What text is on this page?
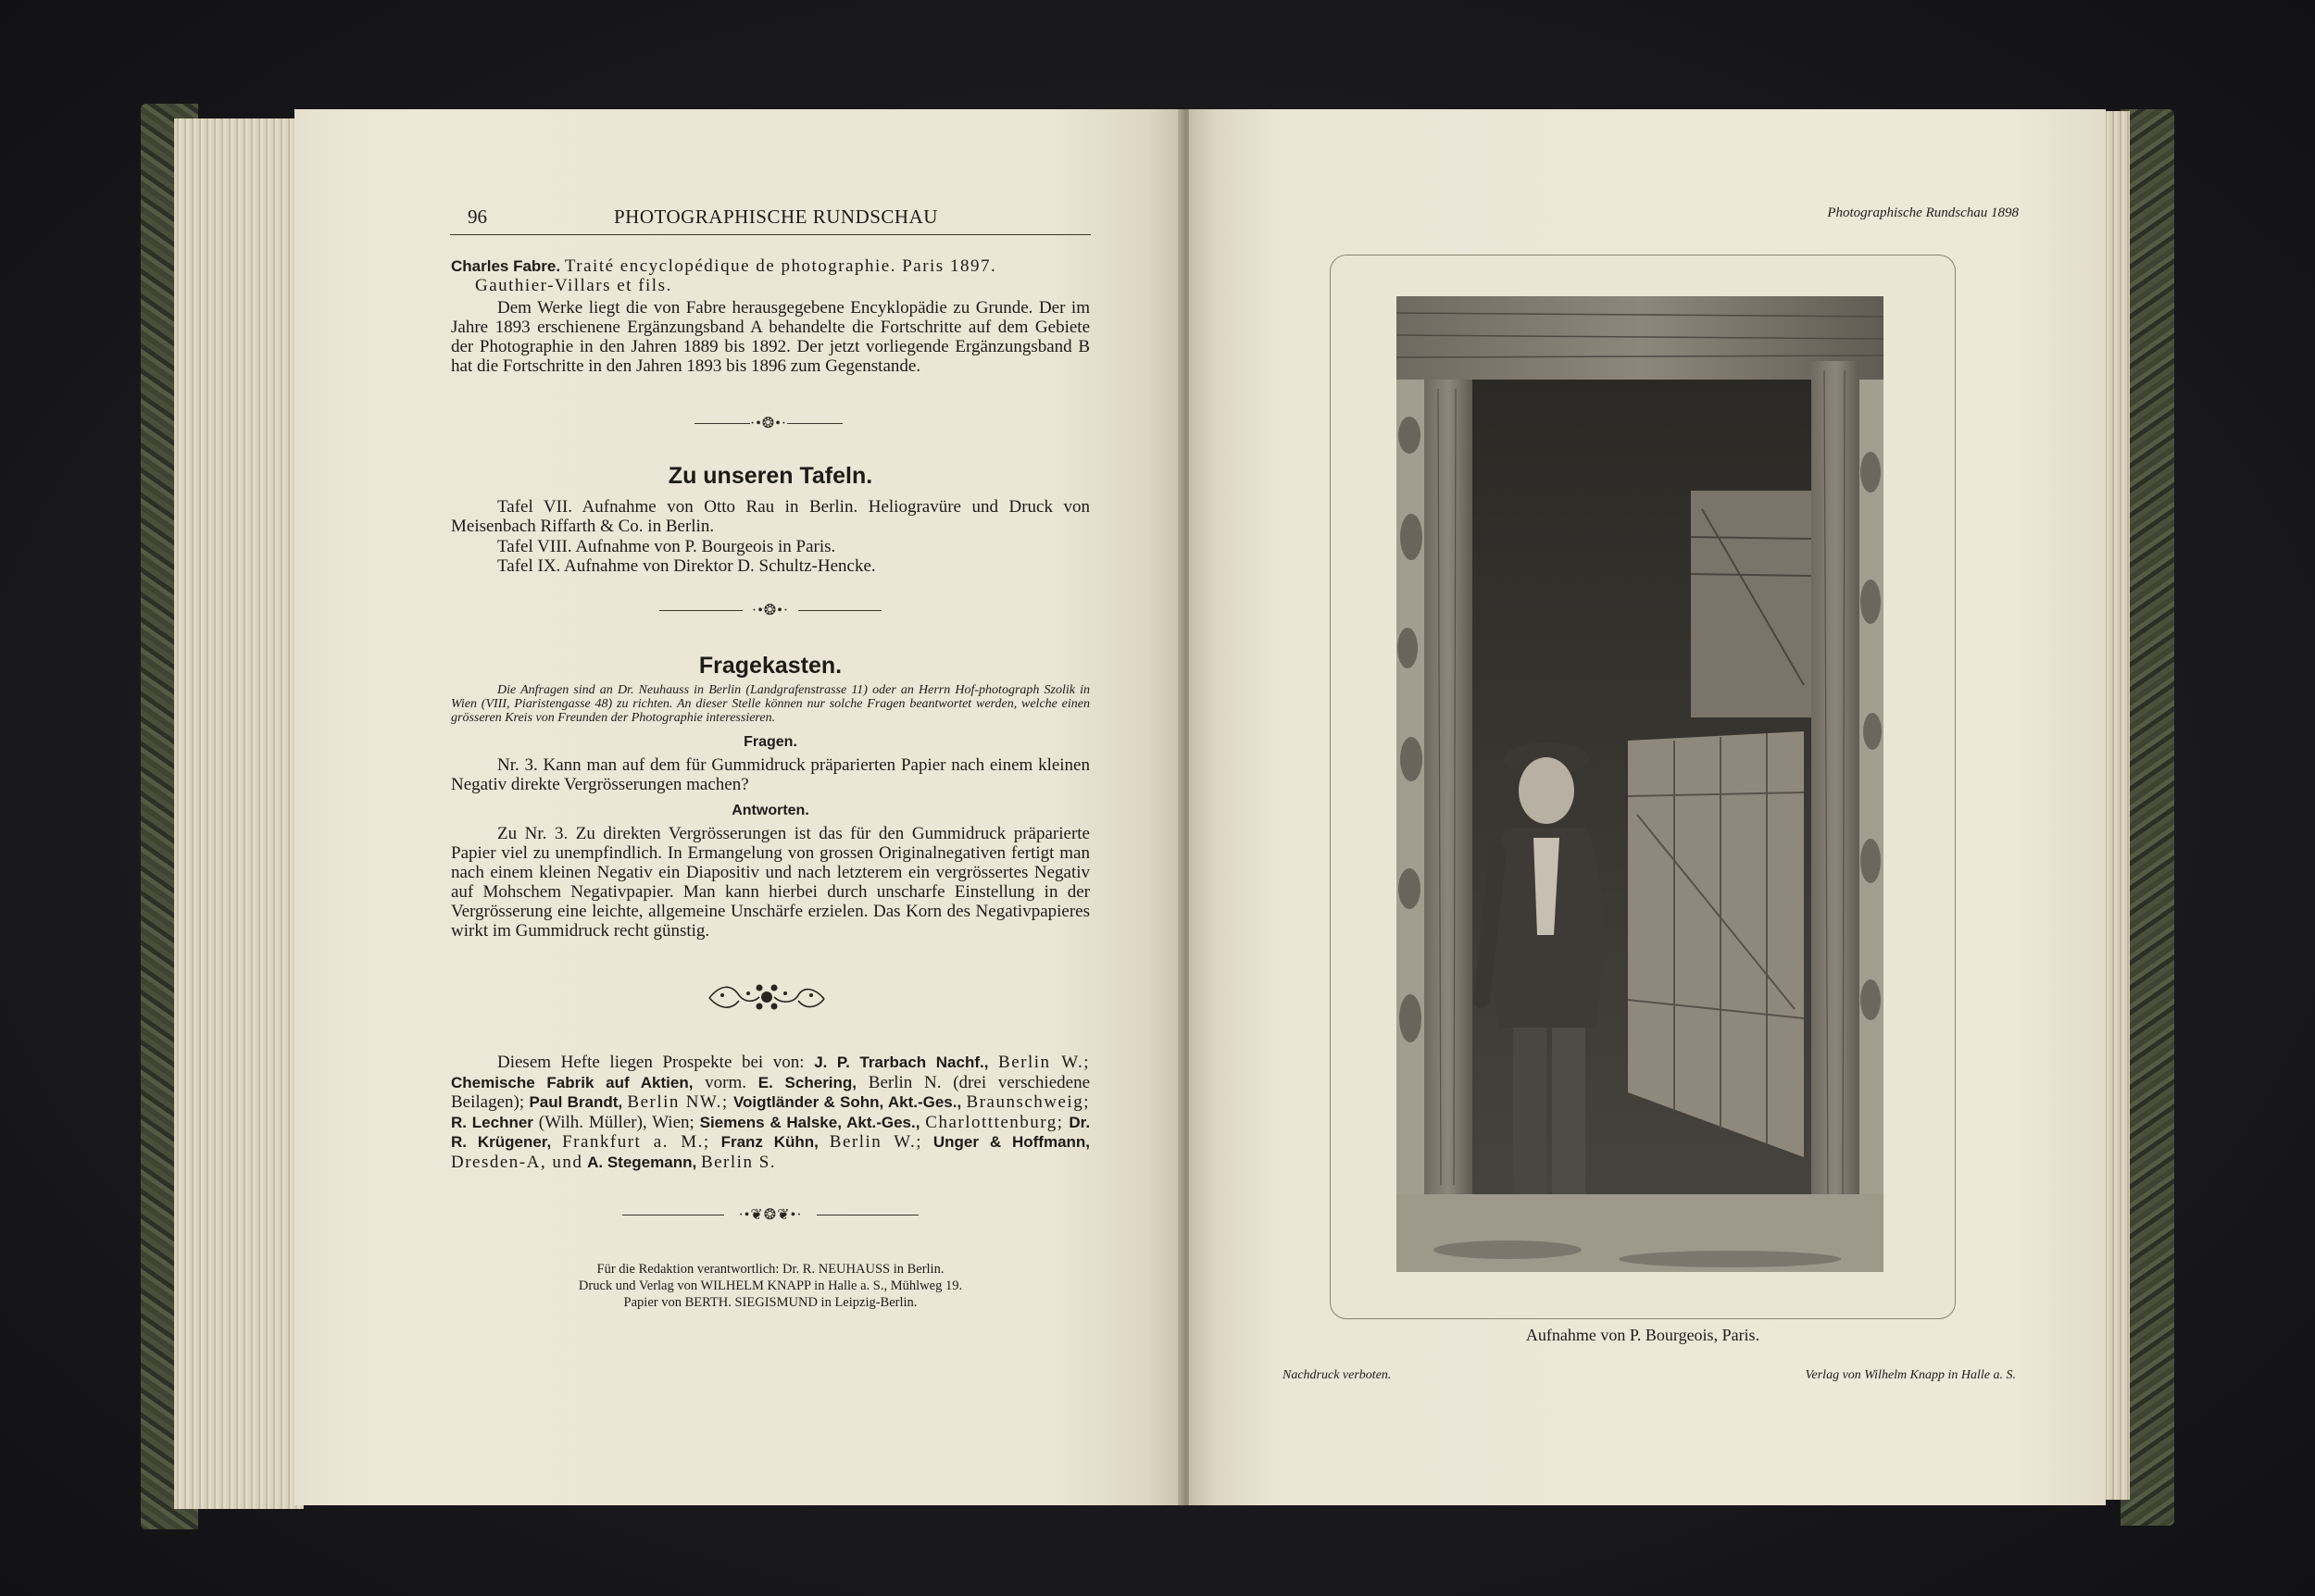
96	PHOTOGRAPHISCHE RUNDSCHAU
Charles Fabre. Traité encyclopédique de photographie. Paris 1897.
Gauthier-Villars et fils.
Dem Werke liegt die von Fabre herausgegebene Encyklopädie zu Grunde. Der im Jahre 1893 erschienene Ergänzungsband A behandelte die Fortschritte auf dem Gebiete der Photographie in den Jahren 1889 bis 1892. Der jetzt vorliegende Ergänzungsband B hat die Fortschritte in den Jahren 1893 bis 1896 zum Gegenstande.
·•❂•·
Zu unseren Tafeln.
Tafel VII. Aufnahme von Otto Rau in Berlin. Heliogravüre und Druck von Meisenbach Riffarth & Co. in Berlin.
Tafel VIII. Aufnahme von P. Bourgeois in Paris.
Tafel IX. Aufnahme von Direktor D. Schultz-Hencke.
·•❂•·
Fragekasten.
Die Anfragen sind an Dr. Neuhauss in Berlin (Landgrafenstrasse 11) oder an Herrn Hof-photograph Szolik in Wien (VIII, Piaristengasse 48) zu richten. An dieser Stelle können nur solche Fragen beantwortet werden, welche einen grösseren Kreis von Freunden der Photographie interessieren.
Fragen.
Nr. 3. Kann man auf dem für Gummidruck präparierten Papier nach einem kleinen Negativ direkte Vergrösserungen machen?
Antworten.
Zu Nr. 3. Zu direkten Vergrösserungen ist das für den Gummidruck präparierte Papier viel zu unempfindlich. In Ermangelung von grossen Originalnegativen fertigt man nach einem kleinen Negativ ein Diapositiv und nach letzterem ein vergrössertes Negativ auf Mohschem Negativpapier. Man kann hierbei durch unscharfe Einstellung in der Vergrösserung eine leichte, allgemeine Unschärfe erzielen. Das Korn des Negativpapieres wirkt im Gummidruck recht günstig.
Diesem Hefte liegen Prospekte bei von: J. P. Trarbach Nachf., Berlin W.; Chemische Fabrik auf Aktien, vorm. E. Schering, Berlin N. (drei verschiedene Beilagen); Paul Brandt, Berlin NW.; Voigtländer & Sohn, Akt.-Ges., Braunschweig; R. Lechner (Wilh. Müller), Wien; Siemens & Halske, Akt.-Ges., Charlotttenburg; Dr. R. Krügener, Frankfurt a. M.; Franz Kühn, Berlin W.; Unger & Hoffmann, Dresden-A, und A. Stegemann, Berlin S.
·•❦❂❦•·
Für die Redaktion verantwortlich: Dr. R. NEUHAUSS in Berlin.
Druck und Verlag von WILHELM KNAPP in Halle a. S., Mühlweg 19.
Papier von BERTH. SIEGISMUND in Leipzig-Berlin.
Photographische Rundschau 1898
Aufnahme von P. Bourgeois, Paris.
Nachdruck verboten.	Verlag von Wilhelm Knapp in Halle a. S.
